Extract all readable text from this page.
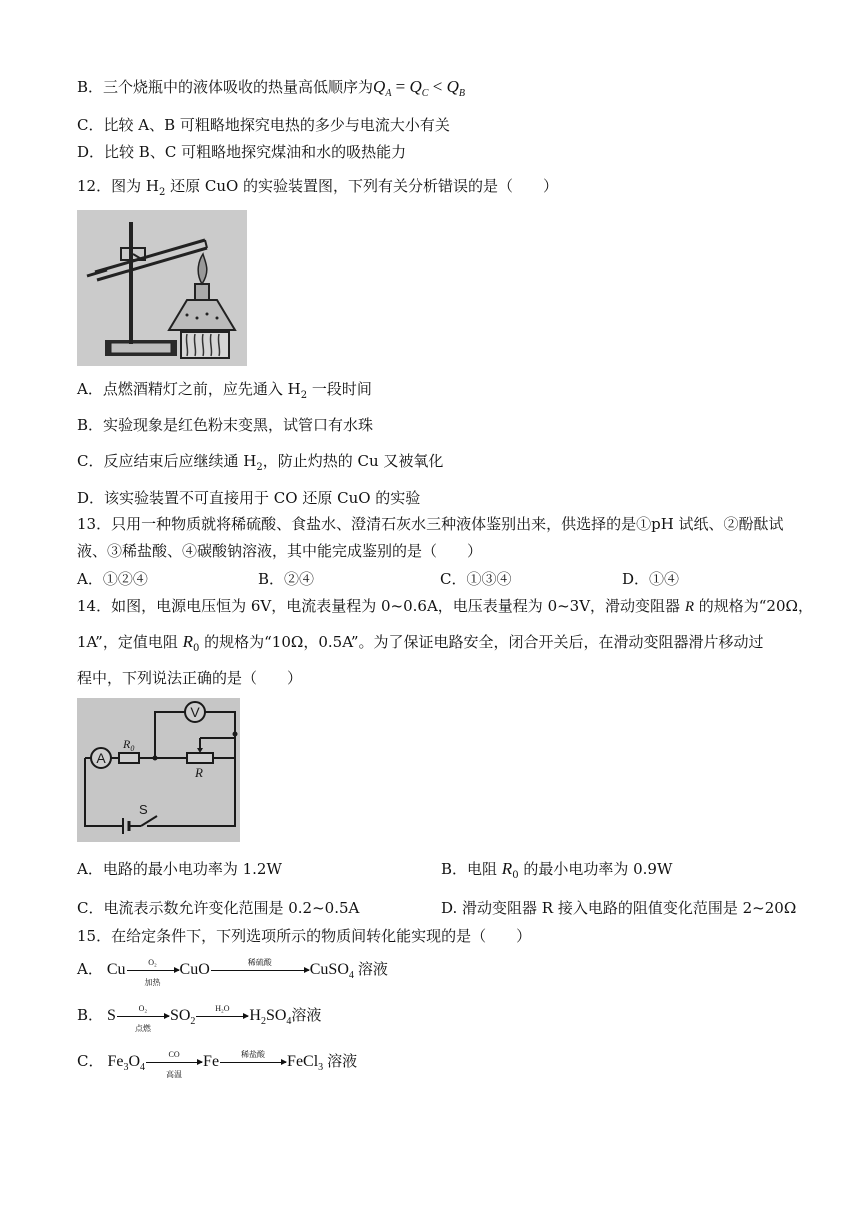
B．三个烧瓶中的液体吸收的热量高低顺序为$Q_A = Q_C < Q_B$
C．比较 A、B 可粗略地探究电热的多少与电流大小有关
D．比较 B、C 可粗略地探究煤油和水的吸热能力
12．图为 $H_2$ 还原 CuO 的实验装置图，下列有关分析错误的是（　　）
A．点燃酒精灯之前，应先通入 $H_2$ 一段时间
B．实验现象是红色粉末变黑，试管口有水珠
C．反应结束后应继续通 $H_2$，防止灼热的 Cu 又被氧化
D．该实验装置不可直接用于 CO 还原 CuO 的实验
13．只用一种物质就将稀硫酸、食盐水、澄清石灰水三种液体鉴别出来，供选择的是①pH 试纸、②酚酞试
液、③稀盐酸、④碳酸钠溶液，其中能完成鉴别的是（　　）
A．①②④	B．②④	C．①③④	D．①④
14．如图，电源电压恒为 6V，电流表量程为 0~0.6A，电压表量程为 0~3V，滑动变阻器 R 的规格为“20Ω，
1A”，定值电阻 $R_0$ 的规格为“10Ω，0.5A”。为了保证电路安全，闭合开关后，在滑动变阻器滑片移动过
程中，下列说法正确的是（　　）
A
V
$R_0$
R
S
A．电路的最小电功率为 1.2W	B．电阻 $R_0$ 的最小电功率为 0.9W
C．电流表示数允许变化范围是 0.2~0.5A	D. 滑动变阻器 R 接入电路的阻值变化范围是 2~20Ω
15．在给定条件下，下列选项所示的物质间转化能实现的是（　　）
A． Cu	O₂
加热
CuO	稀硫酸	CuSO$_4$ 溶液
B． S	O₂
点燃
$SO_2$
H₂O	$H_2SO_4$溶液
C． $Fe_3O_4$
CO
高温
Fe	稀盐酸	FeCl$_3$ 溶液
